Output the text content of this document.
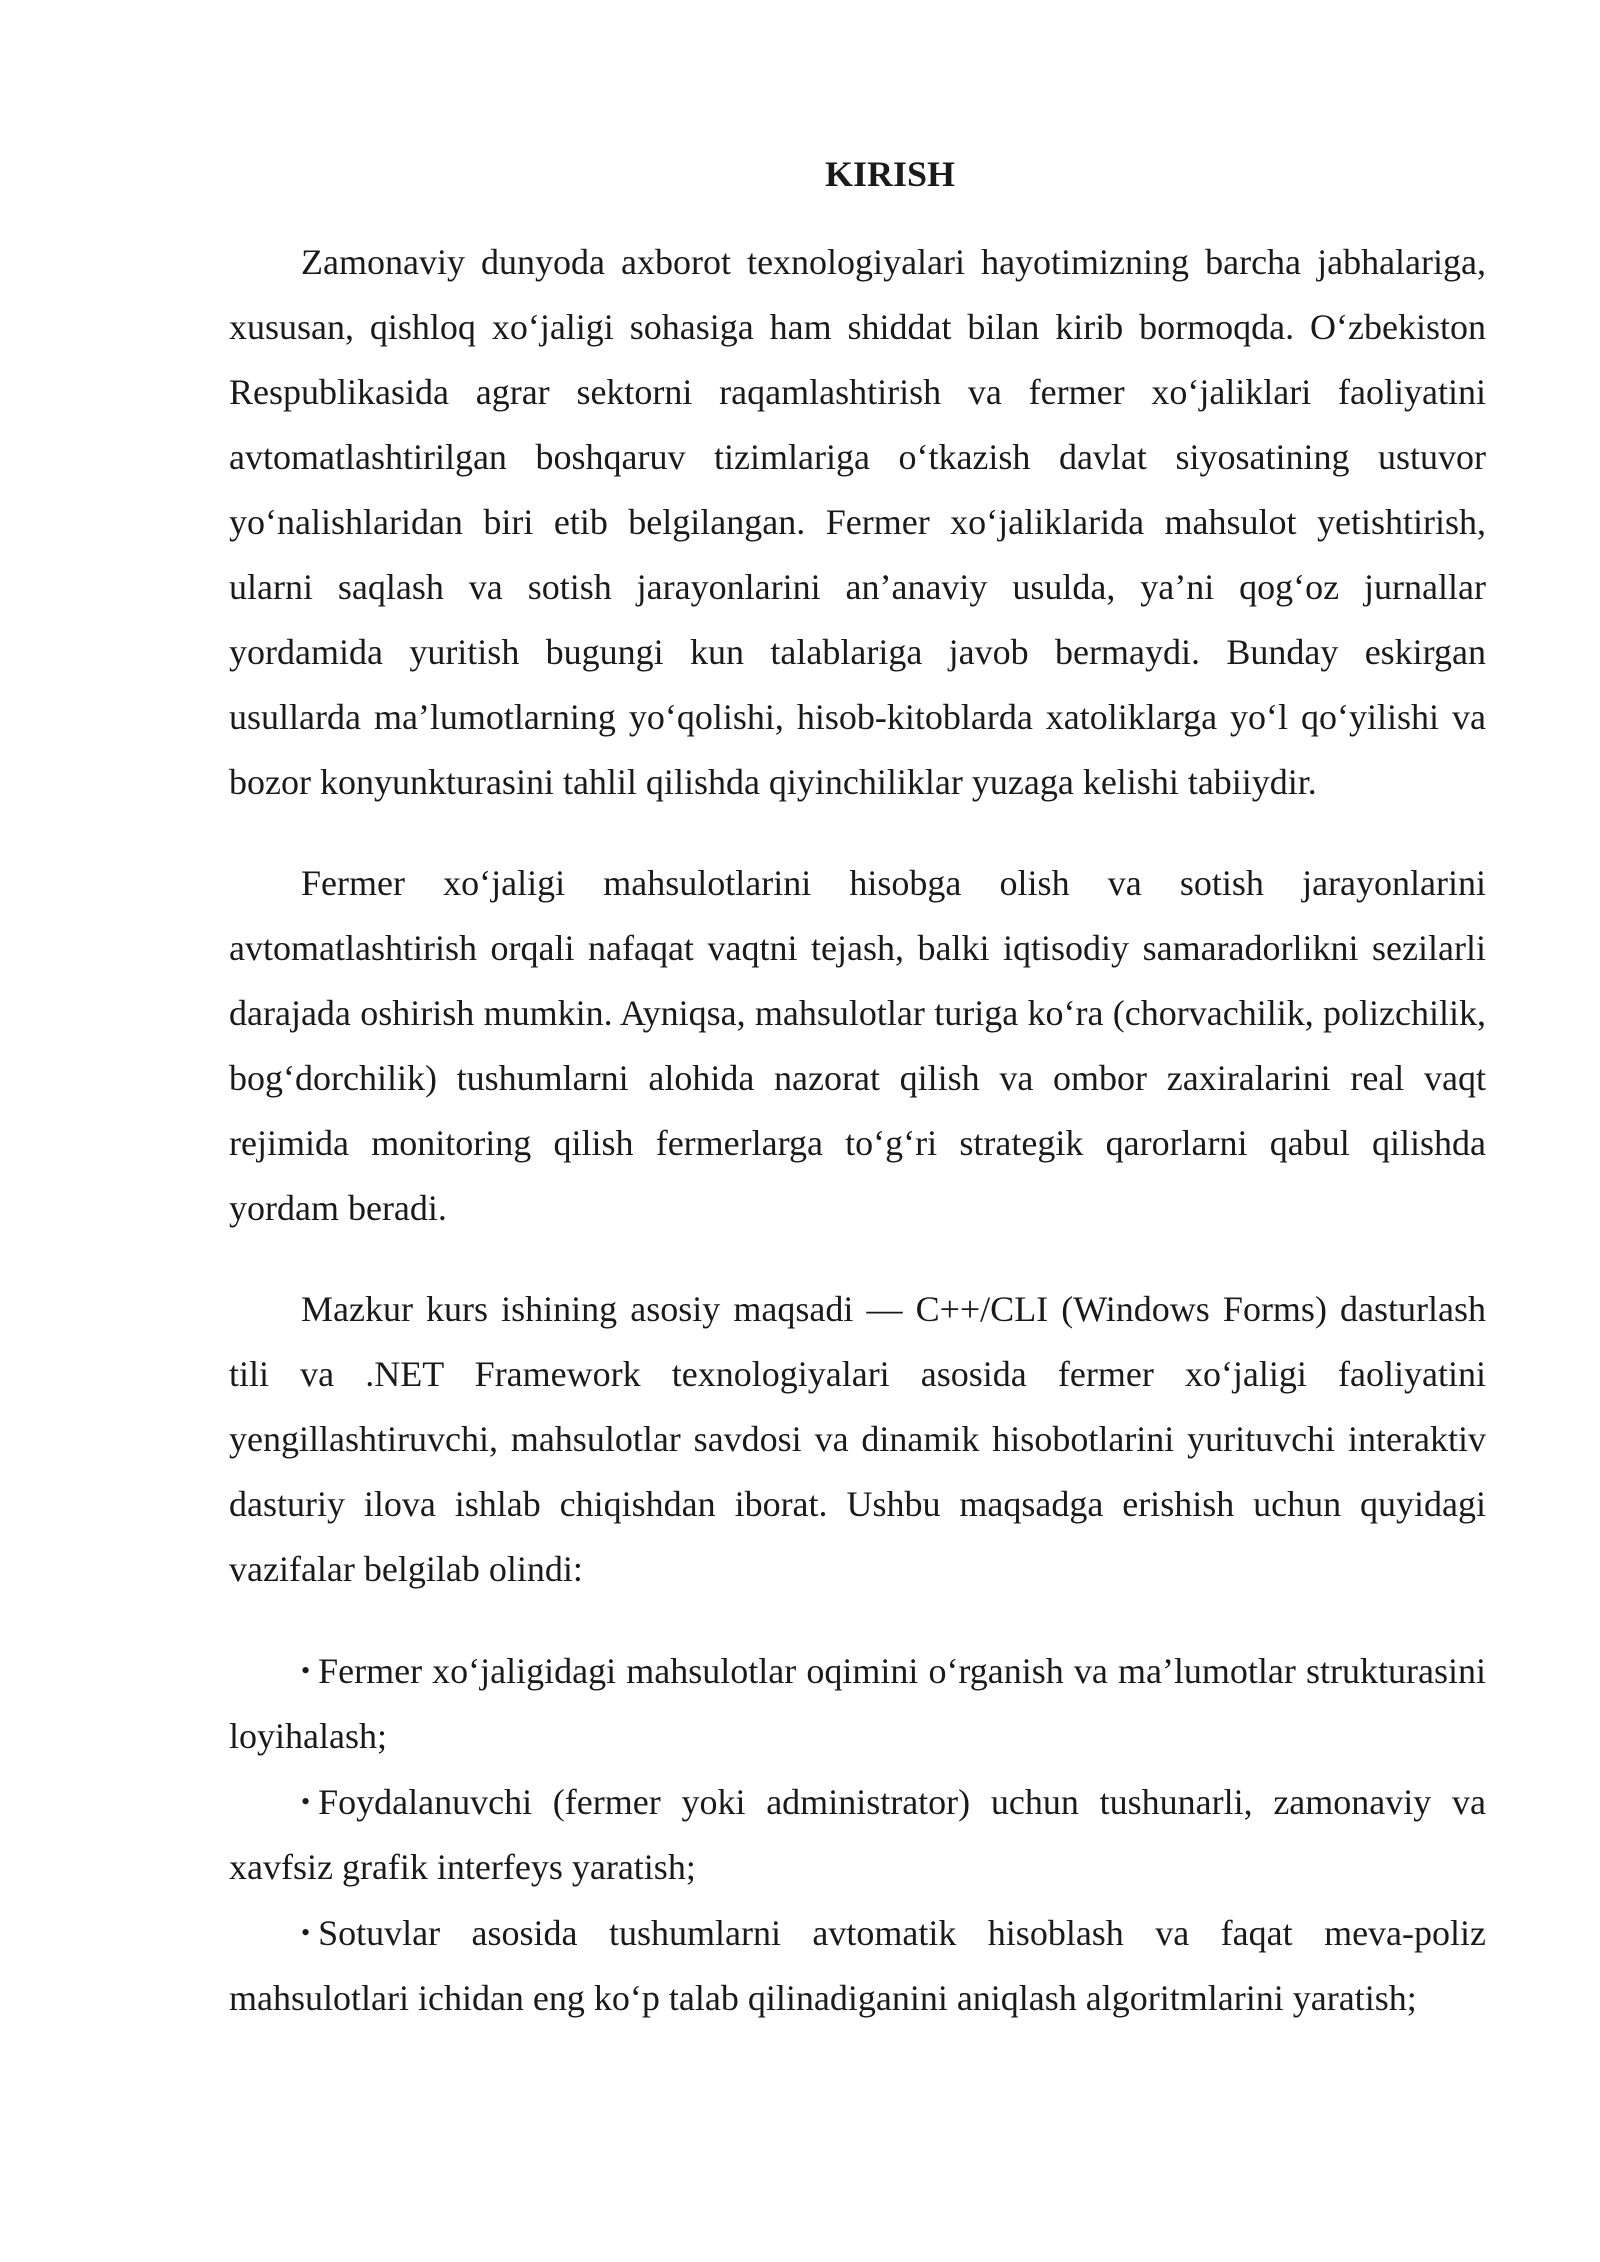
KIRISH

Zamonaviy dunyoda axborot texnologiyalari hayotimizning barcha jabhalariga, xususan, qishloq xo‘jaligi sohasiga ham shiddat bilan kirib bormoqda. O‘zbekiston Respublikasida agrar sektorni raqamlashtirish va fermer xo‘jaliklari faoliyatini avtomatlashtirilgan boshqaruv tizimlariga o‘tkazish davlat siyosatining ustuvor yo‘nalishlaridan biri etib belgilangan. Fermer xo‘jaliklarida mahsulot yetishtirish, ularni saqlash va sotish jarayonlarini an’anaviy usulda, ya’ni qog‘oz jurnallar yordamida yuritish bugungi kun talablariga javob bermaydi. Bunday eskirgan usullarda ma’lumotlarning yo‘qolishi, hisob-kitoblarda xatoliklarga yo‘l qo‘yilishi va bozor konyunkturasini tahlil qilishda qiyinchiliklar yuzaga kelishi tabiiydir.

Fermer xo‘jaligi mahsulotlarini hisobga olish va sotish jarayonlarini avtomatlashtirish orqali nafaqat vaqtni tejash, balki iqtisodiy samaradorlikni sezilarli darajada oshirish mumkin. Ayniqsa, mahsulotlar turiga ko‘ra (chorvachilik, polizchilik, bog‘dorchilik) tushumlarni alohida nazorat qilish va ombor zaxiralarini real vaqt rejimida monitoring qilish fermerlarga to‘g‘ri strategik qarorlarni qabul qilishda yordam beradi.

Mazkur kurs ishining asosiy maqsadi — C++/CLI (Windows Forms) dasturlash tili va .NET Framework texnologiyalari asosida fermer xo‘jaligi faoliyatini yengillashtiruvchi, mahsulotlar savdosi va dinamik hisobotlarini yurituvchi interaktiv dasturiy ilova ishlab chiqishdan iborat. Ushbu maqsadga erishish uchun quyidagi vazifalar belgilab olindi:

• Fermer xo‘jaligidagi mahsulotlar oqimini o‘rganish va ma’lumotlar strukturasini loyihalash;
• Foydalanuvchi (fermer yoki administrator) uchun tushunarli, zamonaviy va xavfsiz grafik interfeys yaratish;
• Sotuvlar asosida tushumlarni avtomatik hisoblash va faqat meva-poliz mahsulotlari ichidan eng ko‘p talab qilinadiganini aniqlash algoritmlarini yaratish;
